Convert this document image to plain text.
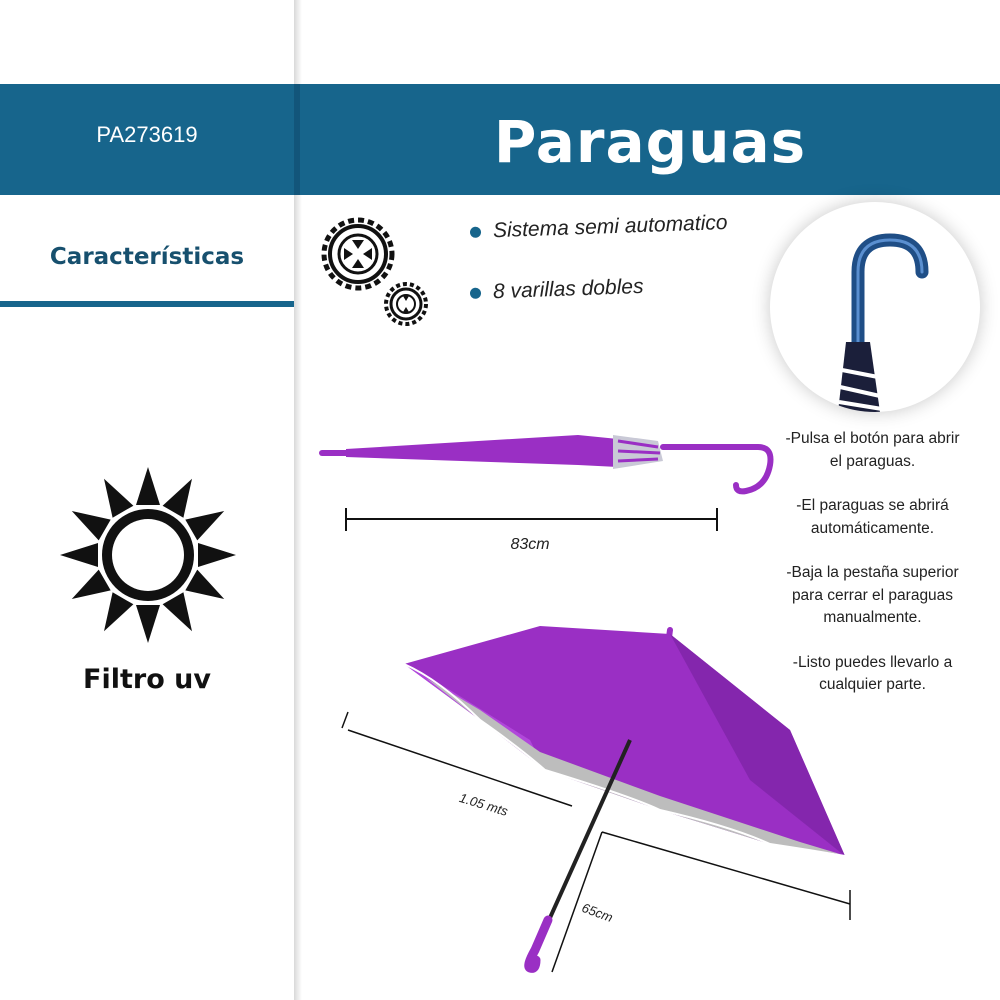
PA273619	Paraguas
Características
Filtro uv
Sistema semi automatico
8 varillas dobles
83cm

-Pulsa el botón para abrir el paraguas.

-El paraguas se abrirá automáticamente.

-Baja la pestaña superior para cerrar el paraguas manualmente.

-Listo puedes llevarlo a cualquier parte.

1.05 mts
65cm
